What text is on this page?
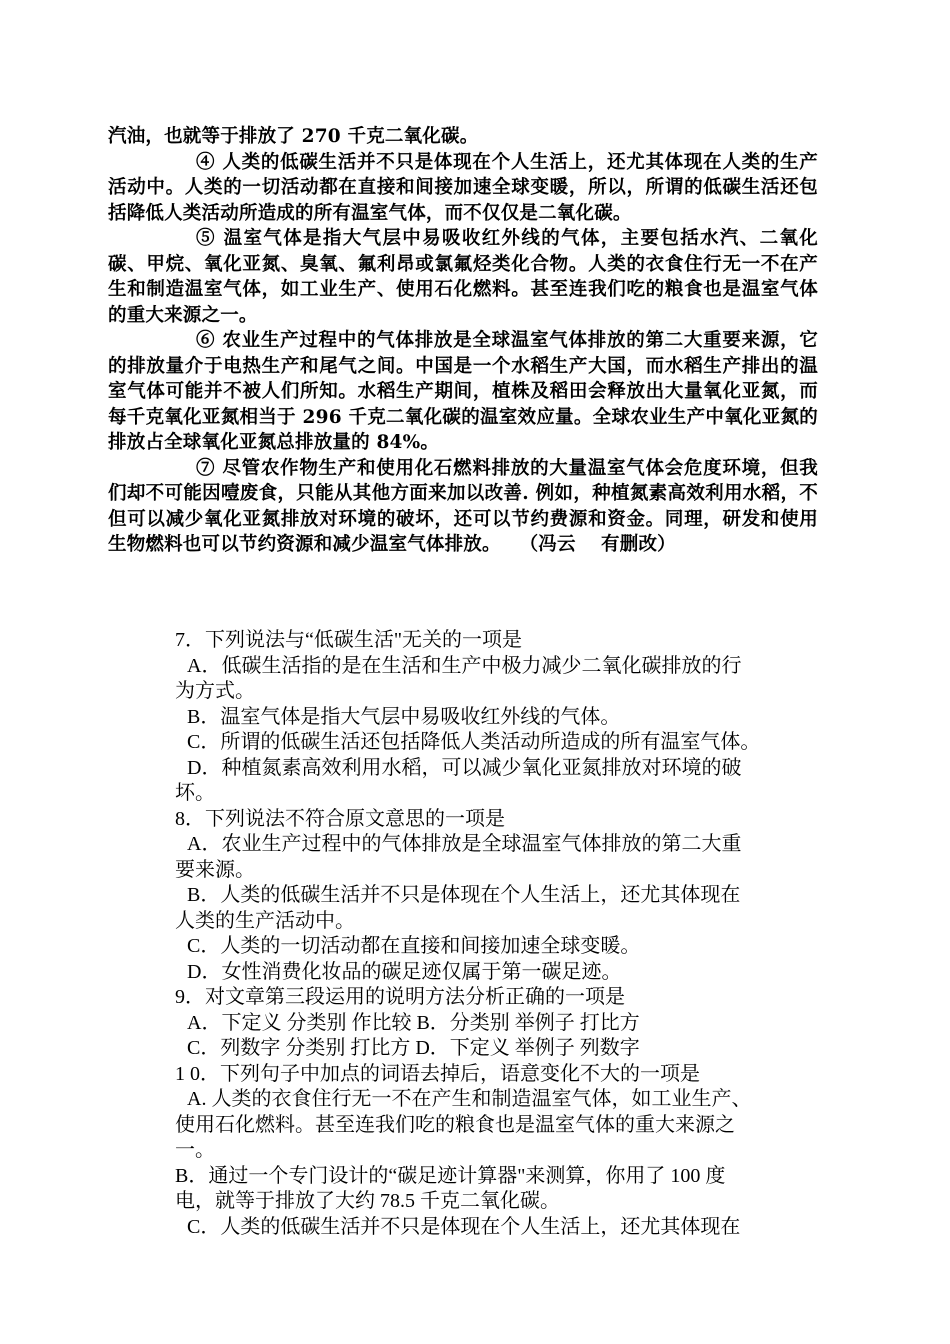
汽油，也就等于排放了 270 千克二氧化碳。

④ 人类的低碳生活并不只是体现在个人生活上，还尤其体现在人类的生产活动中。人类的一切活动都在直接和间接加速全球变暖，所以，所谓的低碳生活还包括降低人类活动所造成的所有温室气体，而不仅仅是二氧化碳。

⑤ 温室气体是指大气层中易吸收红外线的气体，主要包括水汽、二氧化碳、甲烷、氧化亚氮、臭氧、氟利昂或氯氟烃类化合物。人类的衣食住行无一不在产生和制造温室气体，如工业生产、使用石化燃料。甚至连我们吃的粮食也是温室气体的重大来源之一。

⑥ 农业生产过程中的气体排放是全球温室气体排放的第二大重要来源，它的排放量介于电热生产和尾气之间。中国是一个水稻生产大国，而水稻生产排出的温室气体可能并不被人们所知。水稻生产期间，植株及稻田会释放出大量氧化亚氮，而每千克氧化亚氮相当于 296 千克二氧化碳的温室效应量。全球农业生产中氧化亚氮的排放占全球氧化亚氮总排放量的 84%。

⑦ 尽管农作物生产和使用化石燃料排放的大量温室气体会危度环境，但我们却不可能因噎废食，只能从其他方面来加以改善. 例如，种植氮素高效利用水稻，不但可以减少氧化亚氮排放对环境的破坏，还可以节约费源和资金。同理，研发和使用生物燃料也可以节约资源和减少温室气体排放。　　（冯云　 有删改）

7．下列说法与“低碳生活"无关的一项是
A．低碳生活指的是在生活和生产中极力减少二氧化碳排放的行
为方式。
B．温室气体是指大气层中易吸收红外线的气体。
C．所谓的低碳生活还包括降低人类活动所造成的所有温室气体。
D．种植氮素高效利用水稻，可以减少氧化亚氮排放对环境的破
坏。
8．下列说法不符合原文意思的一项是
A．农业生产过程中的气体排放是全球温室气体排放的第二大重
要来源。
B．人类的低碳生活并不只是体现在个人生活上，还尤其体现在
人类的生产活动中。
C．人类的一切活动都在直接和间接加速全球变暖。
D．女性消费化妆品的碳足迹仅属于第一碳足迹。
9．对文章第三段运用的说明方法分析正确的一项是
A．下定义 分类别 作比较 B．分类别 举例子 打比方
C．列数字 分类别 打比方 D．下定义 举例子 列数字
1 0．下列句子中加点的词语去掉后，语意变化不大的一项是
A. 人类的衣食住行无一不在产生和制造温室气体，如工业生产、
使用石化燃料。甚至连我们吃的粮食也是温室气体的重大来源之
一。
B．通过一个专门设计的“碳足迹计算器"来测算，你用了 100 度
电，就等于排放了大约 78.5 千克二氧化碳。
C．人类的低碳生活并不只是体现在个人生活上，还尤其体现在
